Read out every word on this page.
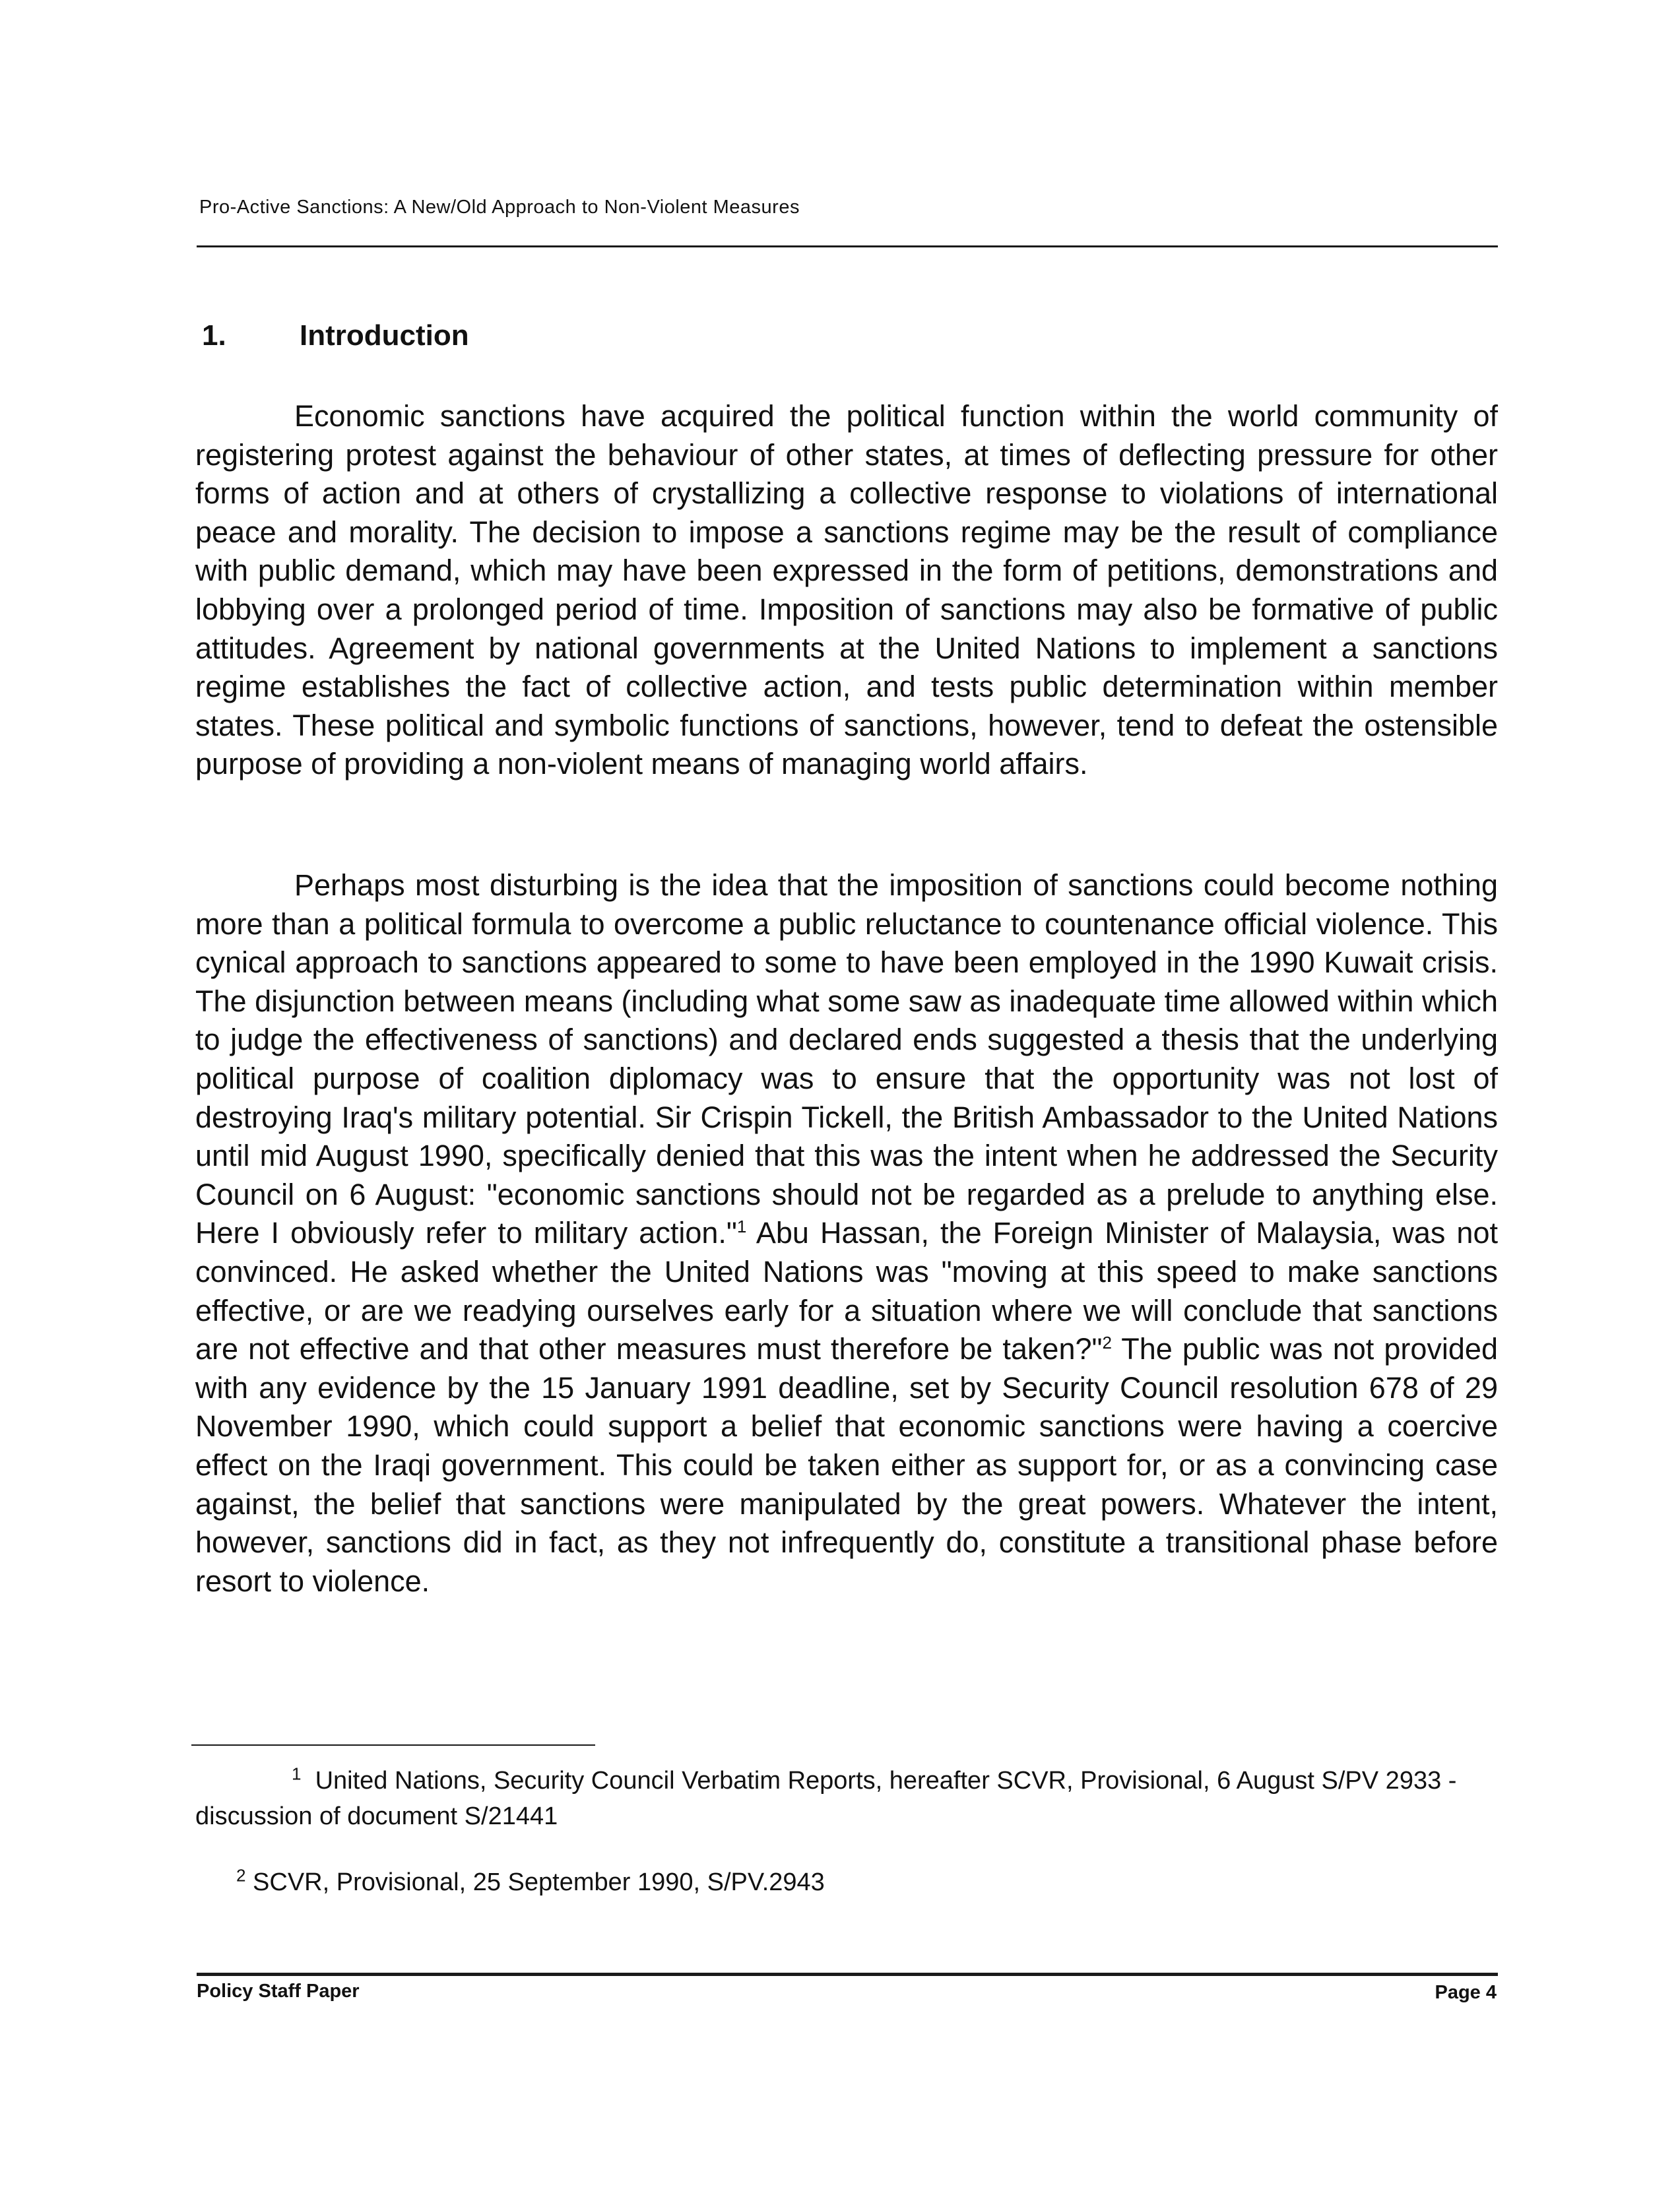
Pro-Active Sanctions: A New/Old Approach to Non-Violent Measures
1.	Introduction

Economic sanctions have acquired the political function within the world community of registering protest against the behaviour of other states, at times of deflecting pressure for other forms of action and at others of crystallizing a collective response to violations of international peace and morality. The decision to impose a sanctions regime may be the result of compliance with public demand, which may have been expressed in the form of petitions, demonstrations and lobbying over a prolonged period of time. Imposition of sanctions may also be formative of public attitudes. Agreement by national governments at the United Nations to implement a sanctions regime establishes the fact of collective action, and tests public determination within member states. These political and symbolic functions of sanctions, however, tend to defeat the ostensible purpose of providing a non-violent means of managing world affairs.

Perhaps most disturbing is the idea that the imposition of sanctions could become nothing more than a political formula to overcome a public reluctance to countenance official violence. This cynical approach to sanctions appeared to some to have been employed in the 1990 Kuwait crisis. The disjunction between means (including what some saw as inadequate time allowed within which to judge the effectiveness of sanctions) and declared ends suggested a thesis that the underlying political purpose of coalition diplomacy was to ensure that the opportunity was not lost of destroying Iraq's military potential. Sir Crispin Tickell, the British Ambassador to the United Nations until mid August 1990, specifically denied that this was the intent when he addressed the Security Council on 6 August: "economic sanctions should not be regarded as a prelude to anything else. Here I obviously refer to military action."$^1$ Abu Hassan, the Foreign Minister of Malaysia, was not convinced. He asked whether the United Nations was "moving at this speed to make sanctions effective, or are we readying ourselves early for a situation where we will conclude that sanctions are not effective and that other measures must therefore be taken?"$^2$ The public was not provided with any evidence by the 15 January 1991 deadline, set by Security Council resolution 678 of 29 November 1990, which could support a belief that economic sanctions were having a coercive effect on the Iraqi government. This could be taken either as support for, or as a convincing case against, the belief that sanctions were manipulated by the great powers. Whatever the intent, however, sanctions did in fact, as they not infrequently do, constitute a transitional phase before resort to violence.

$^1$ United Nations, Security Council Verbatim Reports, hereafter SCVR, Provisional, 6 August S/PV 2933 - discussion of document S/21441

$^2$ SCVR, Provisional, 25 September 1990, S/PV.2943

Policy Staff Paper	Page 4
